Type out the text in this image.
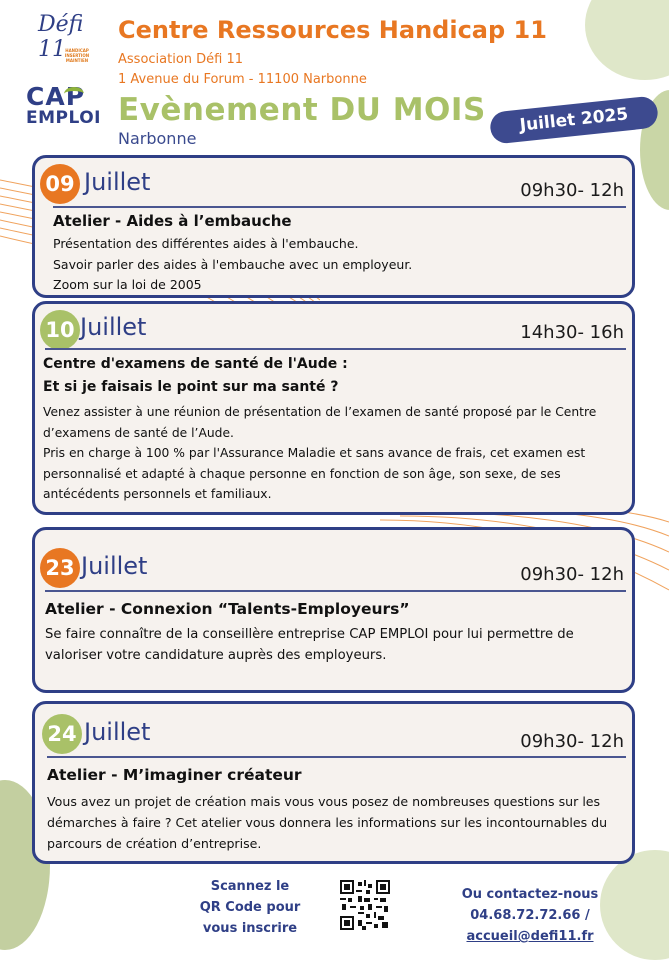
Défi 11 HANDICAP INSERTION MAINTIEN
CAP
EMPLOI
Centre Ressources Handicap 11
Association Défi 11
1 Avenue du Forum - 11100 Narbonne
Evènement DU MOIS
Narbonne
Juillet 2025
09 Juillet	09h30- 12h
Atelier - Aides à l’embauche
Présentation des différentes aides à l'embauche.
Savoir parler des aides à l'embauche avec un employeur.
Zoom sur la loi de 2005
10 Juillet	14h30- 16h
Centre d'examens de santé de l'Aude :
Et si je faisais le point sur ma santé ?
Venez assister à une réunion de présentation de l’examen de santé proposé par le Centre
d’examens de santé de l’Aude.
Pris en charge à 100 % par l'Assurance Maladie et sans avance de frais, cet examen est
personnalisé et adapté à chaque personne en fonction de son âge, son sexe, de ses
antécédents personnels et familiaux.
23 Juillet	09h30- 12h
Atelier - Connexion “Talents-Employeurs”
Se faire connaître de la conseillère entreprise CAP EMPLOI pour lui permettre de
valoriser votre candidature auprès des employeurs.
24 Juillet	09h30- 12h
Atelier - M’imaginer créateur
Vous avez un projet de création mais vous vous posez de nombreuses questions sur les
démarches à faire ? Cet atelier vous donnera les informations sur les incontournables du
parcours de création d’entreprise.
Scannez le
QR Code pour
vous inscrire
Ou contactez-nous
04.68.72.72.66 / accueil@defi11.fr
